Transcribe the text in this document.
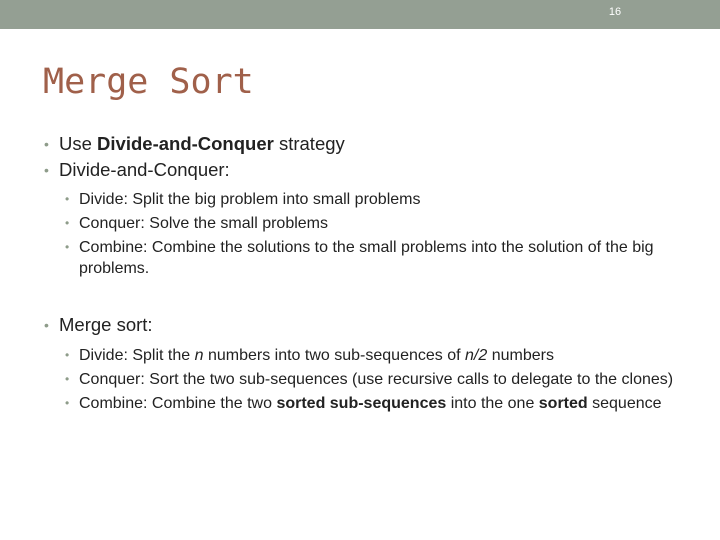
16
Merge Sort
• Use Divide-and-Conquer strategy
• Divide-and-Conquer:
• Divide: Split the big problem into small problems
• Conquer: Solve the small problems
• Combine: Combine the solutions to the small problems into the solution of the big problems.
• Merge sort:
• Divide: Split the n numbers into two sub-sequences of n/2 numbers
• Conquer: Sort the two sub-sequences (use recursive calls to delegate to the clones)
• Combine: Combine the two sorted sub-sequences into the one sorted sequence
